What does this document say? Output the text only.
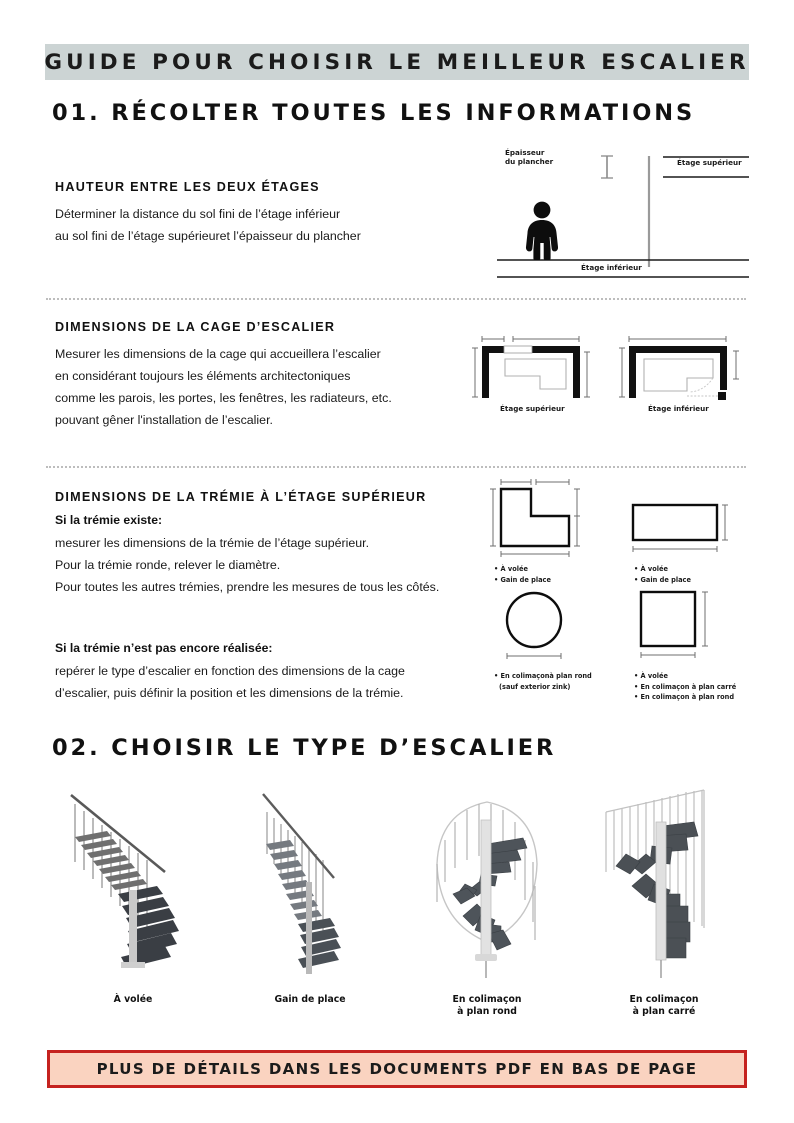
GUIDE POUR CHOISIR LE MEILLEUR ESCALIER
01. RÉCOLTER TOUTES LES INFORMATIONS
HAUTEUR ENTRE LES DEUX ÉTAGES
Déterminer la distance du sol fini de l’étage inférieur
au sol fini de l’étage supérieuret l’épaisseur du plancher
Épaisseur
du plancher	Étage supérieur
Étage inférieur
DIMENSIONS DE LA CAGE D’ESCALIER
Mesurer les dimensions de la cage qui accueillera l’escalier
en considérant toujours les éléments architectoniques
comme les parois, les portes, les fenêtres, les radiateurs, etc.
pouvant gêner l'installation de l’escalier.
Étage supérieur	Étage inférieur
DIMENSIONS DE LA TRÉMIE À L’ÉTAGE SUPÉRIEUR
Si la trémie existe:
mesurer les dimensions de la trémie de l’étage supérieur.
Pour la trémie ronde, relever le diamètre.
Pour toutes les autres trémies, prendre les mesures de tous les côtés.
Si la trémie n’est pas encore réalisée:
repérer le type d’escalier en fonction des dimensions de la cage
d’escalier, puis définir la position et les dimensions de la trémie.
• À volée
• Gain de place
• À volée
• Gain de place
• En colimaçonà plan rond
(sauf exterior zink)
• À volée
• En colimaçon à plan carré
• En colimaçon à plan rond
02. CHOISIR LE TYPE D’ESCALIER
À volée	Gain de place	En colimaçon
à plan rond
En colimaçon
à plan carré
PLUS DE DÉTAILS DANS LES DOCUMENTS PDF EN BAS DE PAGE
